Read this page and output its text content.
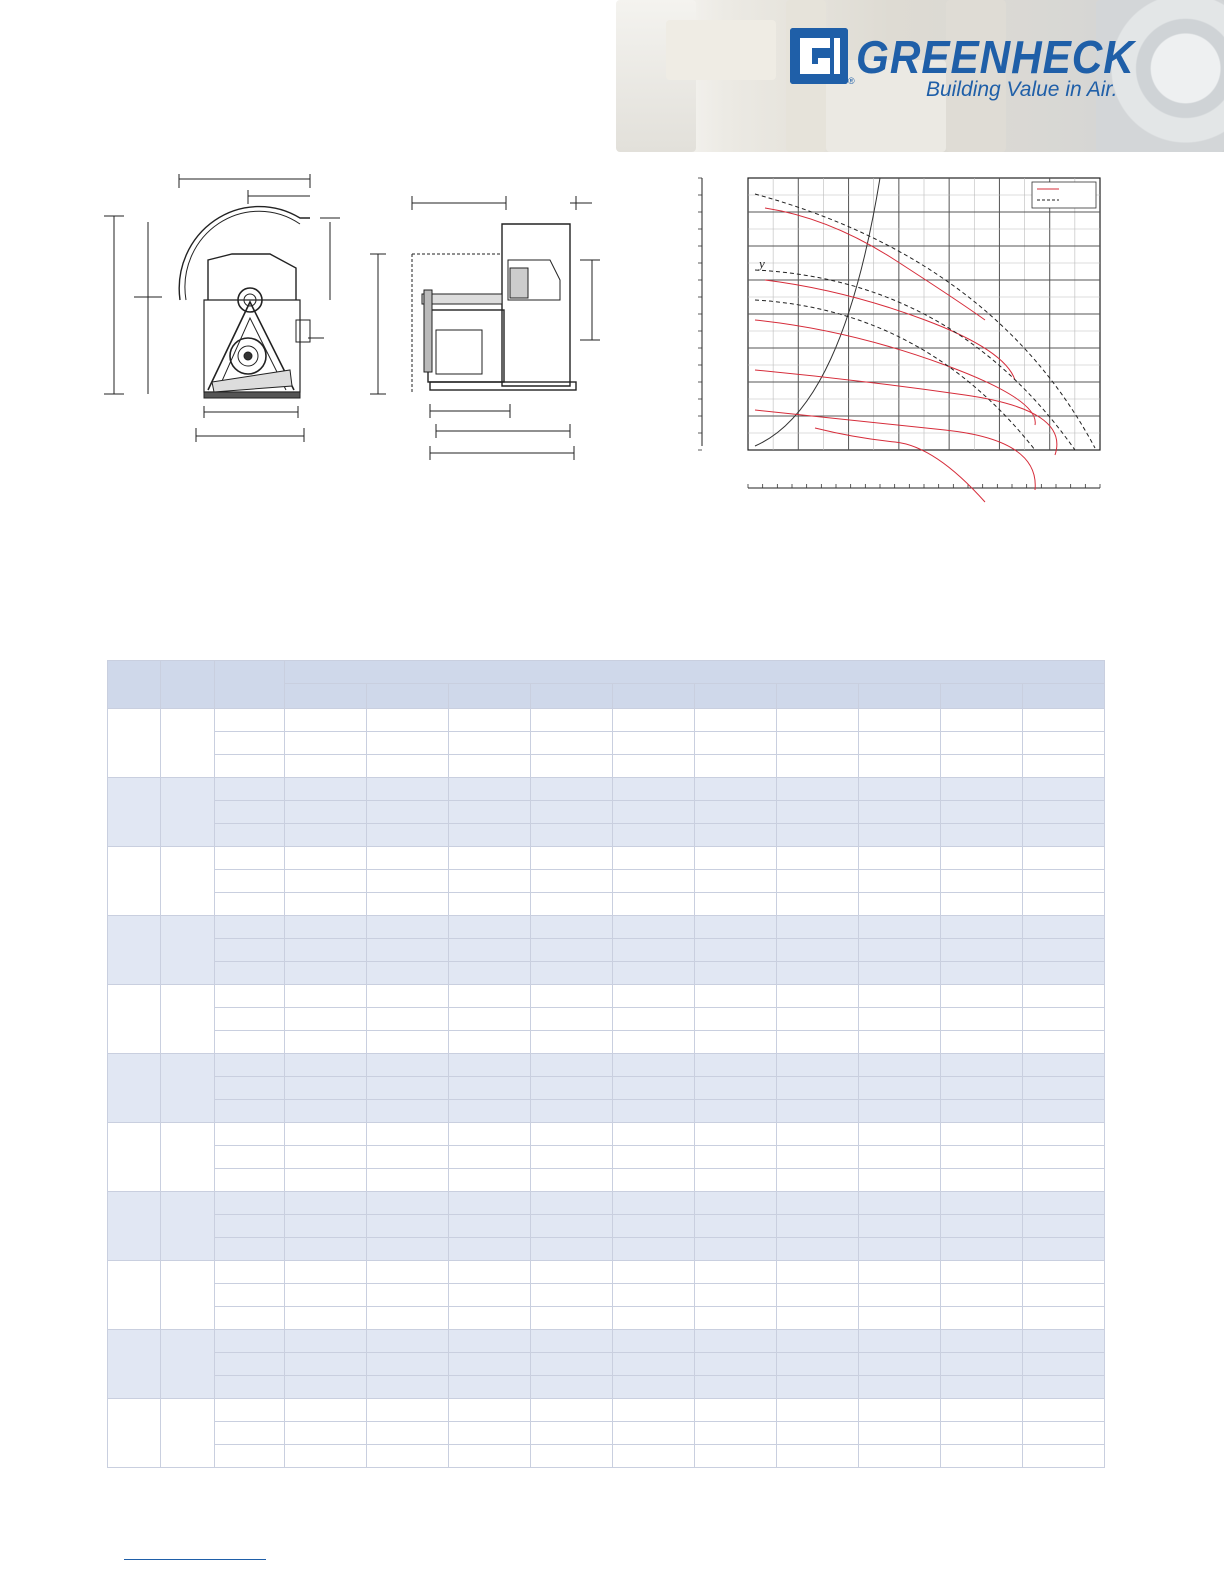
GREENHECK
®	Building Value in Air.
y
